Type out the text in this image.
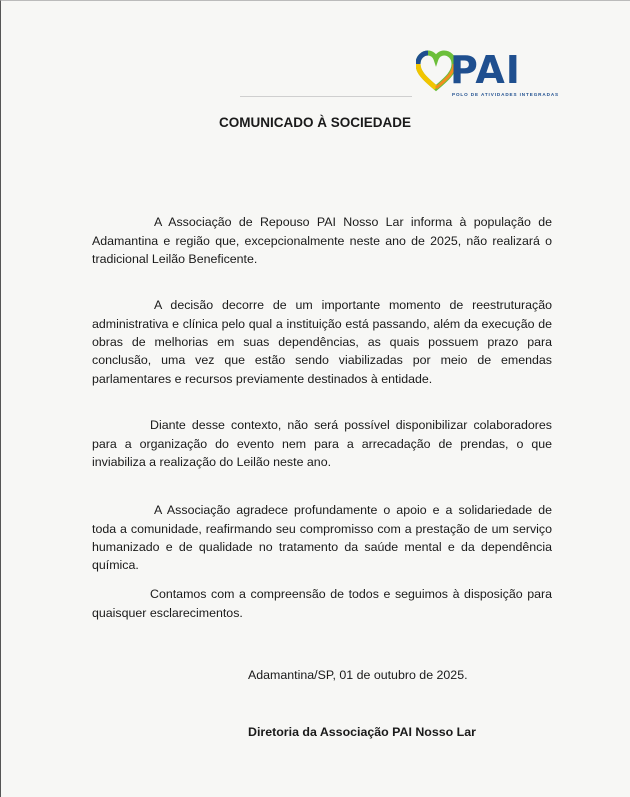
PAI
POLO DE ATIVIDADES INTEGRADAS
COMUNICADO À SOCIEDADE

A Associação de Repouso PAI Nosso Lar informa à população de Adamantina e região que, excepcionalmente neste ano de 2025, não realizará o tradicional Leilão Beneficente.

A decisão decorre de um importante momento de reestruturação administrativa e clínica pelo qual a instituição está passando, além da execução de obras de melhorias em suas dependências, as quais possuem prazo para conclusão, uma vez que estão sendo viabilizadas por meio de emendas parlamentares e recursos previamente destinados à entidade.

Diante desse contexto, não será possível disponibilizar colaboradores para a organização do evento nem para a arrecadação de prendas, o que inviabiliza a realização do Leilão neste ano.

A Associação agradece profundamente o apoio e a solidariedade de toda a comunidade, reafirmando seu compromisso com a prestação de um serviço humanizado e de qualidade no tratamento da saúde mental e da dependência química.

Contamos com a compreensão de todos e seguimos à disposição para quaisquer esclarecimentos.

Adamantina/SP, 01 de outubro de 2025.
Diretoria da Associação PAI Nosso Lar
